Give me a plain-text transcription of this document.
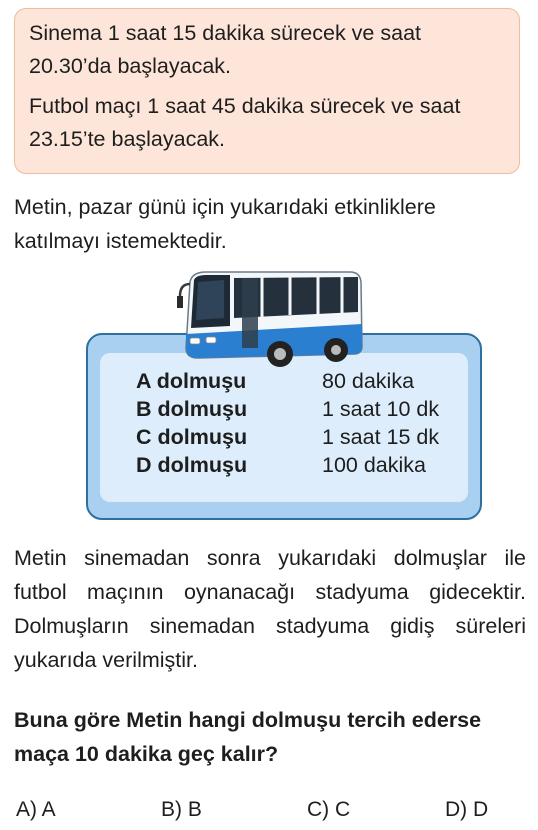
Sinema 1 saat 15 dakika sürecek ve saat 20.30’da başlayacak.

Futbol maçı 1 saat 45 dakika sürecek ve saat 23.15’te başlayacak.

Metin, pazar günü için yukarıdaki etkinliklere katılmayı istemektedir.

A dolmuşu	80 dakika
B dolmuşu	1 saat 10 dk
C dolmuşu	1 saat 15 dk
D dolmuşu	100 dakika

Metin sinemadan sonra yukarıdaki dolmuşlar ile futbol maçının oynanacağı stadyuma gidecektir. Dolmuşların sinemadan stadyuma gidiş süreleri yukarıda verilmiştir.

Buna göre Metin hangi dolmuşu tercih ederse maça 10 dakika geç kalır?

A) A	B) B	C) C	D) D
